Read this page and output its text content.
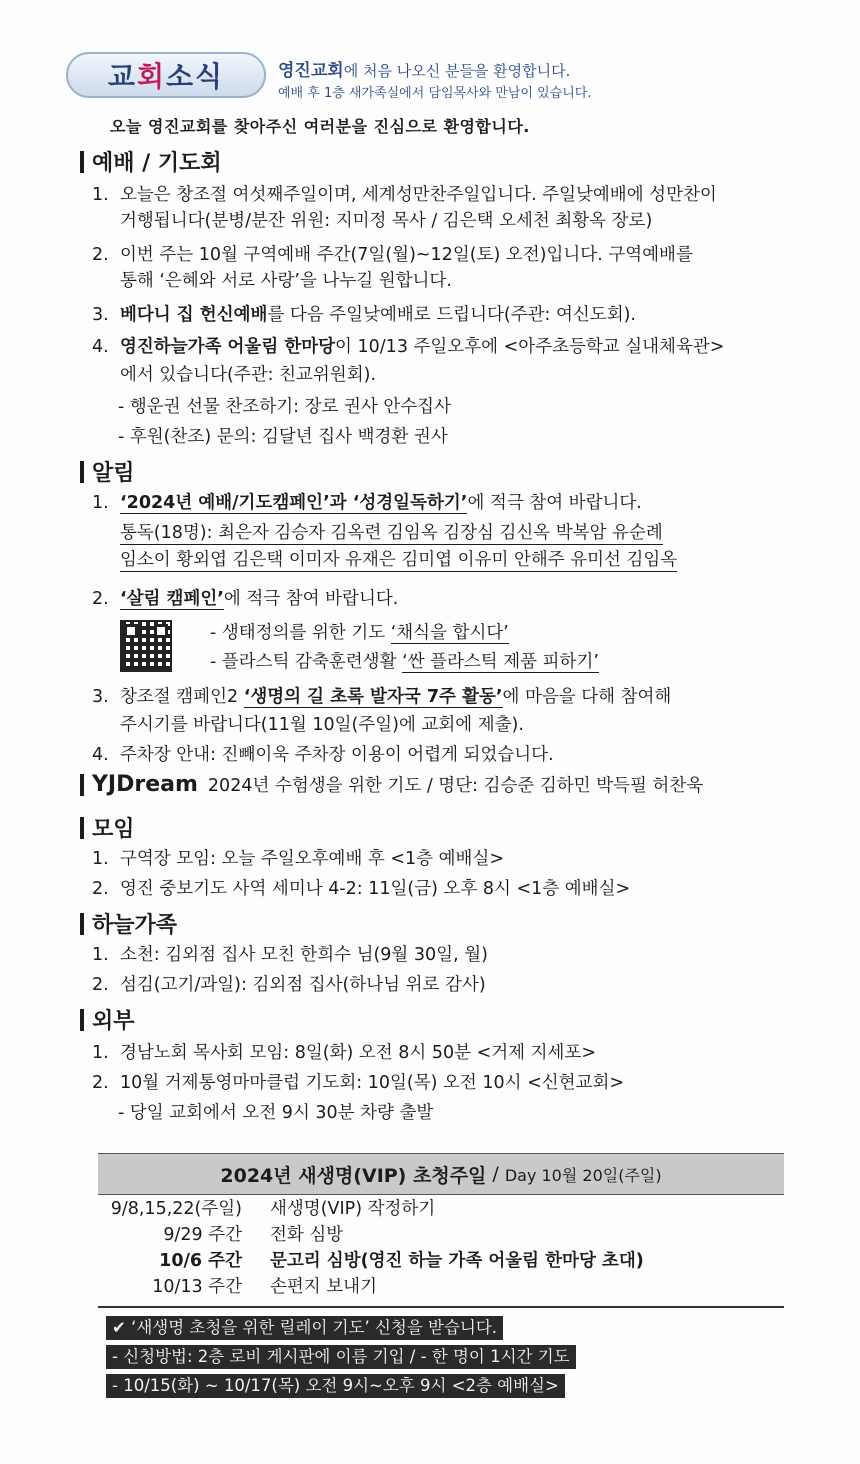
교회소식	영진교회에 처음 나오신 분들을 환영합니다.
예배 후 1층 새가족실에서 담임목사와 만남이 있습니다.
오늘 영진교회를 찾아주신 여러분을 진심으로 환영합니다.
예배 / 기도회
1. 오늘은 창조절 여섯째주일이며, 세계성만찬주일입니다. 주일낮예배에 성만찬이
거행됩니다(분병/분잔 위원: 지미정 목사 / 김은택 오세천 최황옥 장로)
2. 이번 주는 10월 구역예배 주간(7일(월)~12일(토) 오전)입니다. 구역예배를
통해 ‘은혜와 서로 사랑’을 나누길 원합니다.
3. 베다니 집 헌신예배를 다음 주일낮예배로 드립니다(주관: 여신도회).
4. 영진하늘가족 어울림 한마당이 10/13 주일오후에 <아주초등학교 실내체육관>
에서 있습니다(주관: 친교위원회).
- 행운권 선물 찬조하기: 장로 권사 안수집사
- 후원(찬조) 문의: 김달년 집사 백경환 권사
알림
1. ‘2024년 예배/기도캠페인’과 ‘성경일독하기’에 적극 참여 바랍니다.
통독(18명): 최은자 김승자 김옥련 김임옥 김장심 김신옥 박복암 유순례
임소이 황외엽 김은택 이미자 유재은 김미엽 이유미 안해주 유미선 김임옥
2. ‘살림 캠페인’에 적극 참여 바랍니다.
- 생태정의를 위한 기도 ‘채식을 합시다’
- 플라스틱 감축훈련생활 ‘싼 플라스틱 제품 피하기’
3. 창조절 캠페인2 ‘생명의 길 초록 발자국 7주 활동’에 마음을 다해 참여해
주시기를 바랍니다(11월 10일(주일)에 교회에 제출).
4. 주차장 안내: 진빼이욱 주차장 이용이 어렵게 되었습니다.
YJDream 2024년 수험생을 위한 기도 / 명단: 김승준 김하민 박득필 허찬욱
모임
1. 구역장 모임: 오늘 주일오후예배 후 <1층 예배실>
2. 영진 중보기도 사역 세미나 4-2: 11일(금) 오후 8시 <1층 예배실>
하늘가족
1. 소천: 김외점 집사 모친 한희수 님(9월 30일, 월)
2. 섬김(고기/과일): 김외점 집사(하나님 위로 감사)
외부
1. 경남노회 목사회 모임: 8일(화) 오전 8시 50분 <거제 지세포>
2. 10월 거제통영마마클럽 기도회: 10일(목) 오전 10시 <신현교회>
- 당일 교회에서 오전 9시 30분 차량 출발
2024년 새생명(VIP) 초청주일 / Day 10월 20일(주일)
9/8,15,22(주일) 새생명(VIP) 작정하기
9/29 주간 전화 심방
10/6 주간 문고리 심방(영진 하늘 가족 어울림 한마당 초대)
10/13 주간 손편지 보내기
✔ ‘새생명 초청을 위한 릴레이 기도’ 신청을 받습니다.
- 신청방법: 2층 로비 게시판에 이름 기입 / - 한 명이 1시간 기도
- 10/15(화) ~ 10/17(목) 오전 9시~오후 9시 <2층 예배실>
